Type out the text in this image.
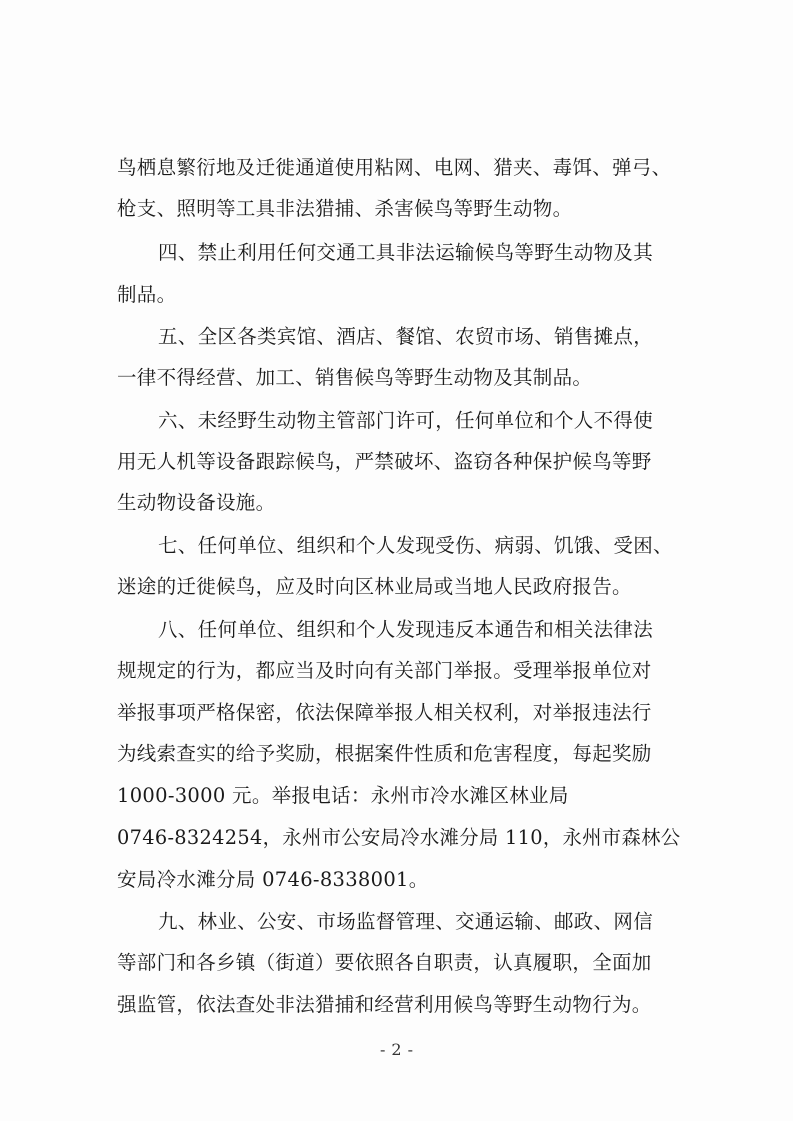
鸟栖息繁衍地及迁徙通道使用粘网、电网、猎夹、毒饵、弹弓、
枪支、照明等工具非法猎捕、杀害候鸟等野生动物。
四、禁止利用任何交通工具非法运输候鸟等野生动物及其
制品。
五、全区各类宾馆、酒店、餐馆、农贸市场、销售摊点，
一律不得经营、加工、销售候鸟等野生动物及其制品。
六、未经野生动物主管部门许可，任何单位和个人不得使
用无人机等设备跟踪候鸟，严禁破坏、盗窃各种保护候鸟等野
生动物设备设施。
七、任何单位、组织和个人发现受伤、病弱、饥饿、受困、
迷途的迁徙候鸟，应及时向区林业局或当地人民政府报告。
八、任何单位、组织和个人发现违反本通告和相关法律法
规规定的行为，都应当及时向有关部门举报。受理举报单位对
举报事项严格保密，依法保障举报人相关权利，对举报违法行
为线索查实的给予奖励，根据案件性质和危害程度，每起奖励
1000-3000 元。举报电话：永州市冷水滩区林业局
0746-8324254，永州市公安局冷水滩分局 110，永州市森林公
安局冷水滩分局 0746-8338001。
九、林业、公安、市场监督管理、交通运输、邮政、网信
等部门和各乡镇（街道）要依照各自职责，认真履职，全面加
强监管，依法查处非法猎捕和经营利用候鸟等野生动物行为。
- 2 -
